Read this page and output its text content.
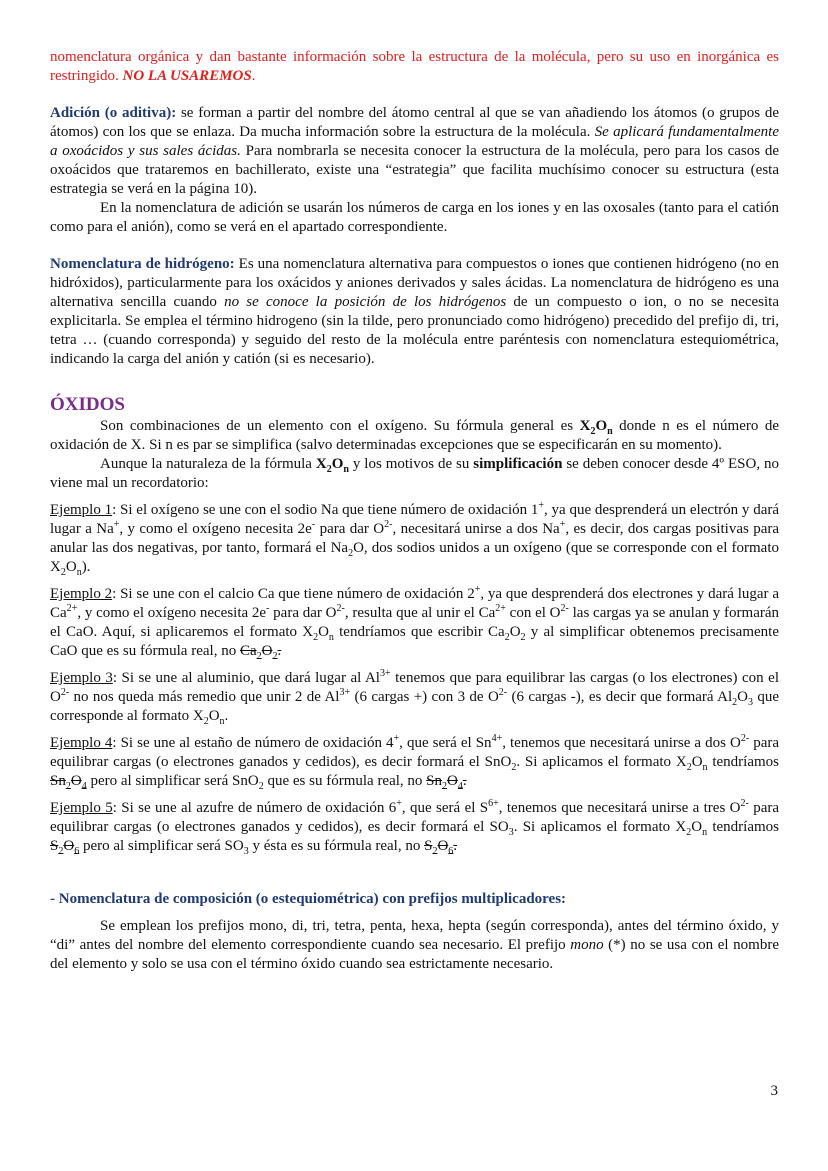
nomenclatura orgánica y dan bastante información sobre la estructura de la molécula, pero su uso en inorgánica es restringido. NO LA USAREMOS.

Adición (o aditiva): se forman a partir del nombre del átomo central al que se van añadiendo los átomos (o grupos de átomos) con los que se enlaza. Da mucha información sobre la estructura de la molécula. Se aplicará fundamentalmente a oxoácidos y sus sales ácidas. Para nombrarla se necesita conocer la estructura de la molécula, pero para los casos de oxoácidos que trataremos en bachillerato, existe una “estrategia” que facilita muchísimo conocer su estructura (esta estrategia se verá en la página 10).

En la nomenclatura de adición se usarán los números de carga en los iones y en las oxosales (tanto para el catión como para el anión), como se verá en el apartado correspondiente.

Nomenclatura de hidrógeno: Es una nomenclatura alternativa para compuestos o iones que contienen hidrógeno (no en hidróxidos), particularmente para los oxácidos y aniones derivados y sales ácidas. La nomenclatura de hidrógeno es una alternativa sencilla cuando no se conoce la posición de los hidrógenos de un compuesto o ion, o no se necesita explicitarla. Se emplea el término hidrogeno (sin la tilde, pero pronunciado como hidrógeno) precedido del prefijo di, tri, tetra … (cuando corresponda) y seguido del resto de la molécula entre paréntesis con nomenclatura estequiométrica, indicando la carga del anión y catión (si es necesario).

ÓXIDOS

Son combinaciones de un elemento con el oxígeno. Su fórmula general es $X_2O_n$ donde n es el número de oxidación de X. Si n es par se simplifica (salvo determinadas excepciones que se especificarán en su momento).

Aunque la naturaleza de la fórmula $X_2O_n$ y los motivos de su simplificación se deben conocer desde 4º ESO, no viene mal un recordatorio:

Ejemplo 1: Si el oxígeno se une con el sodio Na que tiene número de oxidación 1+, ya que desprenderá un electrón y dará lugar a Na+, y como el oxígeno necesita 2e- para dar $O^{2-}$, necesitará unirse a dos Na+, es decir, dos cargas positivas para anular las dos negativas, por tanto, formará el $Na_2O$, dos sodios unidos a un oxígeno (que se corresponde con el formato $X_2O_n$).

Ejemplo 2: Si se une con el calcio Ca que tiene número de oxidación 2+, ya que desprenderá dos electrones y dará lugar a $Ca^{2+}$, y como el oxígeno necesita 2e- para dar $O^{2-}$, resulta que al unir el $Ca^{2+}$ con el $O^{2-}$ las cargas ya se anulan y formarán el CaO. Aquí, si aplicaremos el formato $X_2O_n$ tendríamos que escribir $Ca_2O_2$ y al simplificar obtenemos precisamente CaO que es su fórmula real, no $Ca_2O_2$.

Ejemplo 3: Si se une al aluminio, que dará lugar al $Al^{3+}$ tenemos que para equilibrar las cargas (o los electrones) con el $O^{2-}$ no nos queda más remedio que unir 2 de $Al^{3+}$ (6 cargas +) con 3 de $O^{2-}$ (6 cargas -), es decir que formará $Al_2O_3$ que corresponde al formato $X_2O_n$.

Ejemplo 4: Si se une al estaño de número de oxidación 4+, que será el $Sn^{4+}$, tenemos que necesitará unirse a dos $O^{2-}$ para equilibrar cargas (o electrones ganados y cedidos), es decir formará el SnO$_2$. Si aplicamos el formato $X_2O_n$ tendríamos $Sn_2O_4$ pero al simplificar será SnO$_2$ que es su fórmula real, no $Sn_2O_4$.

Ejemplo 5: Si se une al azufre de número de oxidación 6+, que será el $S^{6+}$, tenemos que necesitará unirse a tres $O^{2-}$ para equilibrar cargas (o electrones ganados y cedidos), es decir formará el $SO_3$. Si aplicamos el formato $X_2O_n$ tendríamos $S_2O_6$ pero al simplificar será $SO_3$ y ésta es su fórmula real, no $S_2O_6$.

- Nomenclatura de composición (o estequiométrica) con prefijos multiplicadores:

Se emplean los prefijos mono, di, tri, tetra, penta, hexa, hepta (según corresponda), antes del término óxido, y “di” antes del nombre del elemento correspondiente cuando sea necesario. El prefijo mono (*) no se usa con el nombre del elemento y solo se usa con el término óxido cuando sea estrictamente necesario.

3
